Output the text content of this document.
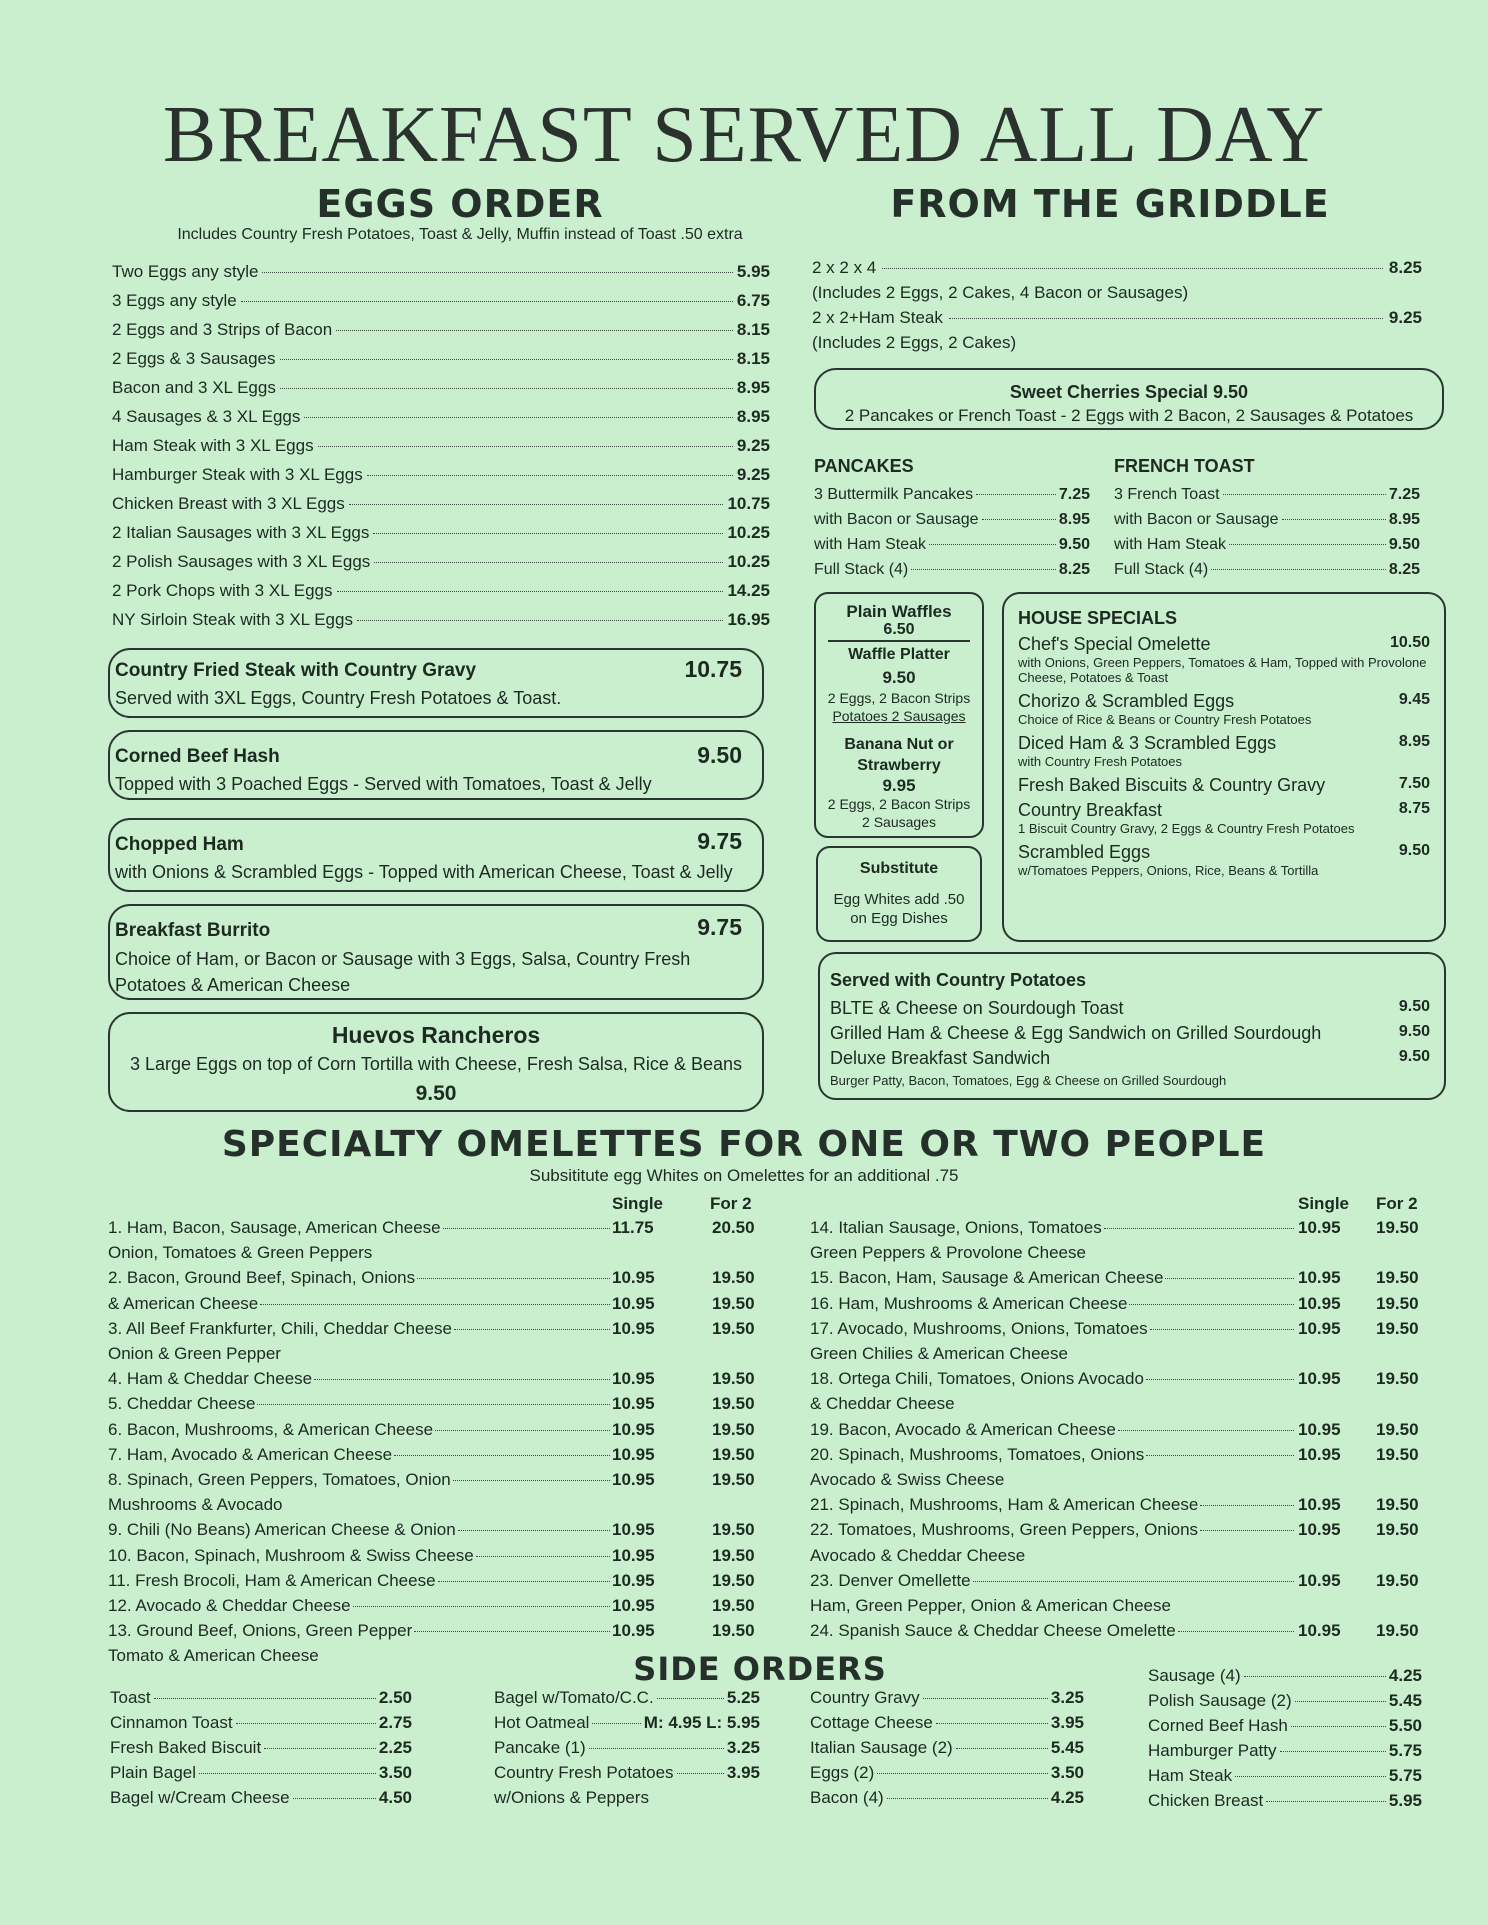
BREAKFAST SERVED ALL DAY
EGGS ORDER
Includes Country Fresh Potatoes, Toast & Jelly, Muffin instead of Toast .50 extra
Two Eggs any style	5.95
3 Eggs any style	6.75
2 Eggs and 3 Strips of Bacon	8.15
2 Eggs & 3 Sausages	8.15
Bacon and 3 XL Eggs	8.95
4 Sausages & 3 XL Eggs	8.95
Ham Steak with 3 XL Eggs	9.25
Hamburger Steak with 3 XL Eggs	9.25
Chicken Breast with 3 XL Eggs	10.75
2 Italian Sausages with 3 XL Eggs	10.25
2 Polish Sausages with 3 XL Eggs	10.25
2 Pork Chops with 3 XL Eggs	14.25
NY Sirloin Steak with 3 XL Eggs	16.95
Country Fried Steak with Country Gravy	10.75
Served with 3XL Eggs, Country Fresh Potatoes & Toast.
Corned Beef Hash	9.50
Topped with 3 Poached Eggs - Served with Tomatoes, Toast & Jelly
Chopped Ham	9.75
with Onions & Scrambled Eggs - Topped with American Cheese, Toast & Jelly
Breakfast Burrito	9.75
Choice of Ham, or Bacon or Sausage with 3 Eggs, Salsa, Country Fresh Potatoes & American Cheese
Huevos Rancheros
3 Large Eggs on top of Corn Tortilla with Cheese, Fresh Salsa, Rice & Beans
9.50
FROM THE GRIDDLE
2 x 2 x 4	8.25
(Includes 2 Eggs, 2 Cakes, 4 Bacon or Sausages)
2 x 2+Ham Steak	9.25
(Includes 2 Eggs, 2 Cakes)
Sweet Cherries Special 9.50
2 Pancakes or French Toast - 2 Eggs with 2 Bacon, 2 Sausages & Potatoes
PANCAKES
3 Buttermilk Pancakes	7.25
with Bacon or Sausage	8.95
with Ham Steak	9.50
Full Stack (4)	8.25
FRENCH TOAST
3 French Toast	7.25
with Bacon or Sausage	8.95
with Ham Steak	9.50
Full Stack (4)	8.25
Plain Waffles
6.50
Waffle Platter
9.50
2 Eggs, 2 Bacon Strips
Potatoes 2 Sausages
Banana Nut or Strawberry
9.95
2 Eggs, 2 Bacon Strips
2 Sausages
Substitute
Egg Whites add .50 on Egg Dishes
HOUSE SPECIALS
Chef's Special Omelette	10.50
with Onions, Green Peppers, Tomatoes & Ham, Topped with Provolone Cheese, Potatoes & Toast
Chorizo & Scrambled Eggs	9.45
Choice of Rice & Beans or Country Fresh Potatoes
Diced Ham & 3 Scrambled Eggs	8.95
with Country Fresh Potatoes
Fresh Baked Biscuits & Country Gravy	7.50
Country Breakfast	8.75
1 Biscuit Country Gravy, 2 Eggs & Country Fresh Potatoes
Scrambled Eggs	9.50
w/Tomatoes Peppers, Onions, Rice, Beans & Tortilla
Served with Country Potatoes
BLTE & Cheese on Sourdough Toast	9.50
Grilled Ham & Cheese & Egg Sandwich on Grilled Sourdough	9.50
Deluxe Breakfast Sandwich	9.50
Burger Patty, Bacon, Tomatoes, Egg & Cheese on Grilled Sourdough
SPECIALTY OMELETTES FOR ONE OR TWO PEOPLE
Subsititute egg Whites on Omelettes for an additional .75
Single	For 2	Single For 2
1. Ham, Bacon, Sausage, American Cheese	11.75	20.50
Onion, Tomatoes & Green Peppers
2. Bacon, Ground Beef, Spinach, Onions	10.95	19.50
& American Cheese	10.95	19.50
3. All Beef Frankfurter, Chili, Cheddar Cheese	10.95	19.50
Onion & Green Pepper
4. Ham & Cheddar Cheese	10.95	19.50
5. Cheddar Cheese	10.95	19.50
6. Bacon, Mushrooms, & American Cheese	10.95	19.50
7. Ham, Avocado & American Cheese	10.95	19.50
8. Spinach, Green Peppers, Tomatoes, Onion	10.95	19.50
Mushrooms & Avocado
9. Chili (No Beans) American Cheese & Onion	10.95	19.50
10. Bacon, Spinach, Mushroom & Swiss Cheese	10.95	19.50
11. Fresh Brocoli, Ham & American Cheese	10.95	19.50
12. Avocado & Cheddar Cheese	10.95	19.50
13. Ground Beef, Onions, Green Pepper	10.95	19.50
Tomato & American Cheese
14. Italian Sausage, Onions, Tomatoes	10.95 19.50
Green Peppers & Provolone Cheese
15. Bacon, Ham, Sausage & American Cheese	10.95 19.50
16. Ham, Mushrooms & American Cheese	10.95 19.50
17. Avocado, Mushrooms, Onions, Tomatoes	10.95 19.50
Green Chilies & American Cheese
18. Ortega Chili, Tomatoes, Onions Avocado	10.95 19.50
& Cheddar Cheese
19. Bacon, Avocado & American Cheese	10.95 19.50
20. Spinach, Mushrooms, Tomatoes, Onions	10.95 19.50
Avocado & Swiss Cheese
21. Spinach, Mushrooms, Ham & American Cheese	10.95 19.50
22. Tomatoes, Mushrooms, Green Peppers, Onions	10.95 19.50
Avocado & Cheddar Cheese
23. Denver Omellette	10.95 19.50
Ham, Green Pepper, Onion & American Cheese
24. Spanish Sauce & Cheddar Cheese Omelette	10.95 19.50
SIDE ORDERS
Toast	2.50
Cinnamon Toast	2.75
Fresh Baked Biscuit	2.25
Plain Bagel	3.50
Bagel w/Cream Cheese	4.50
Bagel w/Tomato/C.C.	5.25
Hot Oatmeal	M: 4.95 L: 5.95
Pancake (1)	3.25
Country Fresh Potatoes	3.95
w/Onions & Peppers
Country Gravy	3.25
Cottage Cheese	3.95
Italian Sausage (2)	5.45
Eggs (2)	3.50
Bacon (4)	4.25
Sausage (4)	4.25
Polish Sausage (2)	5.45
Corned Beef Hash	5.50
Hamburger Patty	5.75
Ham Steak	5.75
Chicken Breast	5.95
